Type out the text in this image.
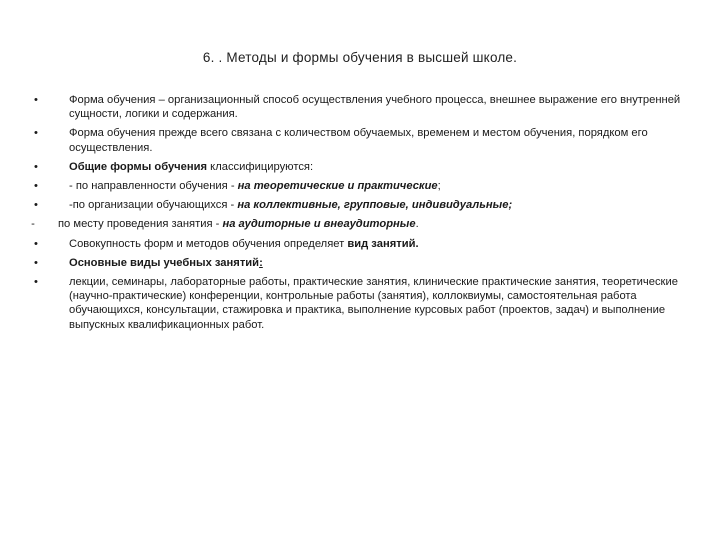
6. . Методы и формы обучения в высшей школе.
•	Форма обучения – организационный способ осуществления учебного процесса, внешнее выражение его внутренней сущности, логики и содержания.
•	Форма обучения прежде всего связана с количеством обучаемых, временем и местом обучения, порядком его осуществления.
•	Общие формы обучения классифицируются:
•	- по направленности обучения - на теоретические и практические;
•	-по организации обучающихся - на коллективные, групповые, индивидуальные;
- по месту проведения занятия - на аудиторные и внеаудиторные.
•	Совокупность форм и методов обучения определяет вид занятий.
•	Основные виды учебных занятий:
•	лекции, семинары, лабораторные работы, практические занятия, клинические практические занятия, теоретические (научно-практические) конференции, контрольные работы (занятия), коллоквиумы, самостоятельная работа обучающихся, консультации, стажировка и практика, выполнение курсовых работ (проектов, задач) и выполнение выпускных квалификационных работ.
